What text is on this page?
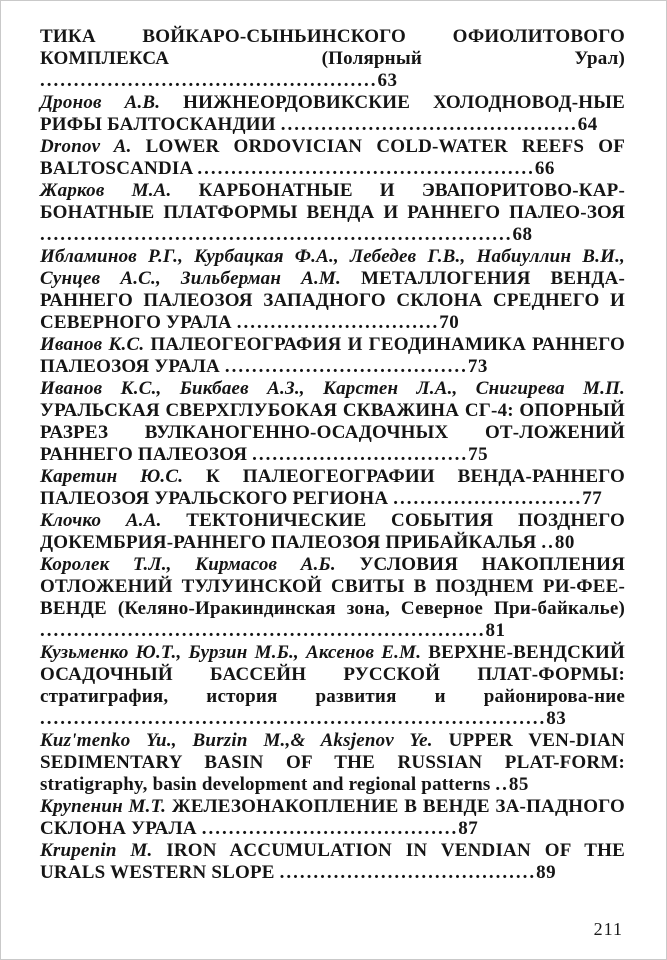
ТИКА ВОЙКАРО-СЫНЬИНСКОГО ОФИОЛИТОВОГО КОМПЛЕКСА	(Полярный Урал) ..................................................63

Дронов А.В. НИЖНЕОРДОВИКСКИЕ ХОЛОДНОВОД-НЫЕ РИФЫ БАЛТОСКАНДИИ ............................................64

Dronov A. LOWER ORDOVICIAN COLD-WATER REEFS OF BALTOSCANDIA ..................................................66

Жарков М.А. КАРБОНАТНЫЕ И ЭВАПОРИТОВО-КАР-БОНАТНЫЕ ПЛАТФОРМЫ ВЕНДА И РАННЕГО ПАЛЕО-ЗОЯ ......................................................................68

Ибламинов Р.Г., Курбацкая Ф.А., Лебедев Г.В., Набиуллин В.И., Сунцев А.С., Зильберман А.М. МЕТАЛЛОГЕНИЯ ВЕНДА-РАННЕГО ПАЛЕОЗОЯ ЗАПАДНОГО СКЛОНА СРЕДНЕГО И СЕВЕРНОГО УРАЛА ..............................70

Иванов К.С. ПАЛЕОГЕОГРАФИЯ И ГЕОДИНАМИКА РАННЕГО ПАЛЕОЗОЯ УРАЛА ....................................73

Иванов К.С., Бикбаев А.З., Карстен Л.А., Снигирева М.П. УРАЛЬСКАЯ СВЕРХГЛУБОКАЯ СКВАЖИНА СГ-4: ОПОРНЫЙ РАЗРЕЗ ВУЛКАНОГЕННО-ОСАДОЧНЫХ ОТ-ЛОЖЕНИЙ РАННЕГО ПАЛЕОЗОЯ ................................75

Каретин Ю.С. К ПАЛЕОГЕОГРАФИИ ВЕНДА-РАННЕГО ПАЛЕОЗОЯ УРАЛЬСКОГО РЕГИОНА ............................77

Клочко А.А. ТЕКТОНИЧЕСКИЕ СОБЫТИЯ ПОЗДНЕГО ДОКЕМБРИЯ-РАННЕГО ПАЛЕОЗОЯ ПРИБАЙКАЛЬЯ ..80

Королек Т.Л., Кирмасов А.Б. УСЛОВИЯ НАКОПЛЕНИЯ ОТЛОЖЕНИЙ ТУЛУИНСКОЙ СВИТЫ В ПОЗДНЕМ РИ-ФЕЕ-ВЕНДЕ (Келяно-Иракиндинская зона, Северное При-байкалье) ..................................................................81

Кузьменко Ю.Т., Бурзин М.Б., Аксенов Е.М. ВЕРХНЕ-ВЕНДСКИЙ ОСАДОЧНЫЙ БАССЕЙН РУССКОЙ ПЛАТ-ФОРМЫ: стратиграфия, история развития и районирова-ние ...........................................................................83

Kuz'menko Yu., Burzin M.,& Aksjenov Ye. UPPER VEN-DIAN SEDIMENTARY BASIN OF THE RUSSIAN PLAT-FORM: stratigraphy, basin development and regional patterns ..85

Крупенин М.Т. ЖЕЛЕЗОНАКОПЛЕНИЕ В ВЕНДЕ ЗА-ПАДНОГО СКЛОНА УРАЛА ......................................87

Krupenin M. IRON ACCUMULATION IN VENDIAN OF THE URALS WESTERN SLOPE ......................................89

211
